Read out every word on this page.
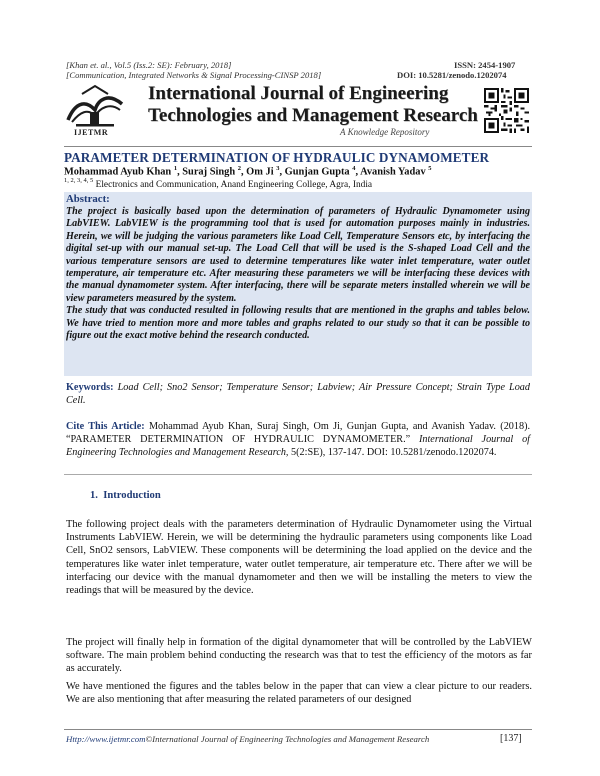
[Khan et. al., Vol.5 (Iss.2: SE): February, 2018]
[Communication, Integrated Networks & Signal Processing-CINSP 2018]
ISSN: 2454-1907
DOI: 10.5281/zenodo.1202074
IJETMR
International Journal of Engineering
Technologies and Management Research
A Knowledge Repository
PARAMETER DETERMINATION OF HYDRAULIC DYNAMOMETER
Mohammad Ayub Khan $^1$, Suraj Singh $^2$, Om Ji $^3$, Gunjan Gupta $^4$, Avanish Yadav $^5$
$^{1, 2, 3, 4, 5}$ Electronics and Communication, Anand Engineering College, Agra, India
Abstract:

The project is basically based upon the determination of parameters of Hydraulic Dynamometer using LabVIEW. LabVIEW is the programming tool that is used for automation purposes mainly in industries. Herein, we will be judging the various parameters like Load Cell, Temperature Sensors etc, by interfacing the digital set-up with our manual set-up. The Load Cell that will be used is the S-shaped Load Cell and the various temperature sensors are used to determine temperatures like water inlet temperature, water outlet temperature, air temperature etc. After measuring these parameters we will be interfacing these devices with the manual dynamometer system. After interfacing, there will be separate meters installed wherein we will be view parameters measured by the system.

The study that was conducted resulted in following results that are mentioned in the graphs and tables below. We have tried to mention more and more tables and graphs related to our study so that it can be possible to figure out the exact motive behind the research conducted.

Keywords: Load Cell; Sno2 Sensor; Temperature Sensor; Labview; Air Pressure Concept; Strain Type Load Cell.
Cite This Article: Mohammad Ayub Khan, Suraj Singh, Om Ji, Gunjan Gupta, and Avanish Yadav. (2018). “PARAMETER DETERMINATION OF HYDRAULIC DYNAMOMETER.” International Journal of Engineering Technologies and Management Research, 5(2:SE), 137-147. DOI: 10.5281/zenodo.1202074.
1. Introduction

The following project deals with the parameters determination of Hydraulic Dynamometer using the Virtual Instruments LabVIEW. Herein, we will be determining the hydraulic parameters using components like Load Cell, SnO2 sensors, LabVIEW. These components will be determining the load applied on the device and the temperatures like water inlet temperature, water outlet temperature, air temperature etc. There after we will be interfacing our device with the manual dynamometer and then we will be installing the meters to view the readings that will be measured by the device.

The project will finally help in formation of the digital dynamometer that will be controlled by the LabVIEW software. The main problem behind conducting the research was that to test the efficiency of the motors as far as accurately.

We have mentioned the figures and the tables below in the paper that can view a clear picture to our readers. We are also mentioning that after measuring the related parameters of our designed

Http://www.ijetmr.com©International Journal of Engineering Technologies and Management Research	[137]
